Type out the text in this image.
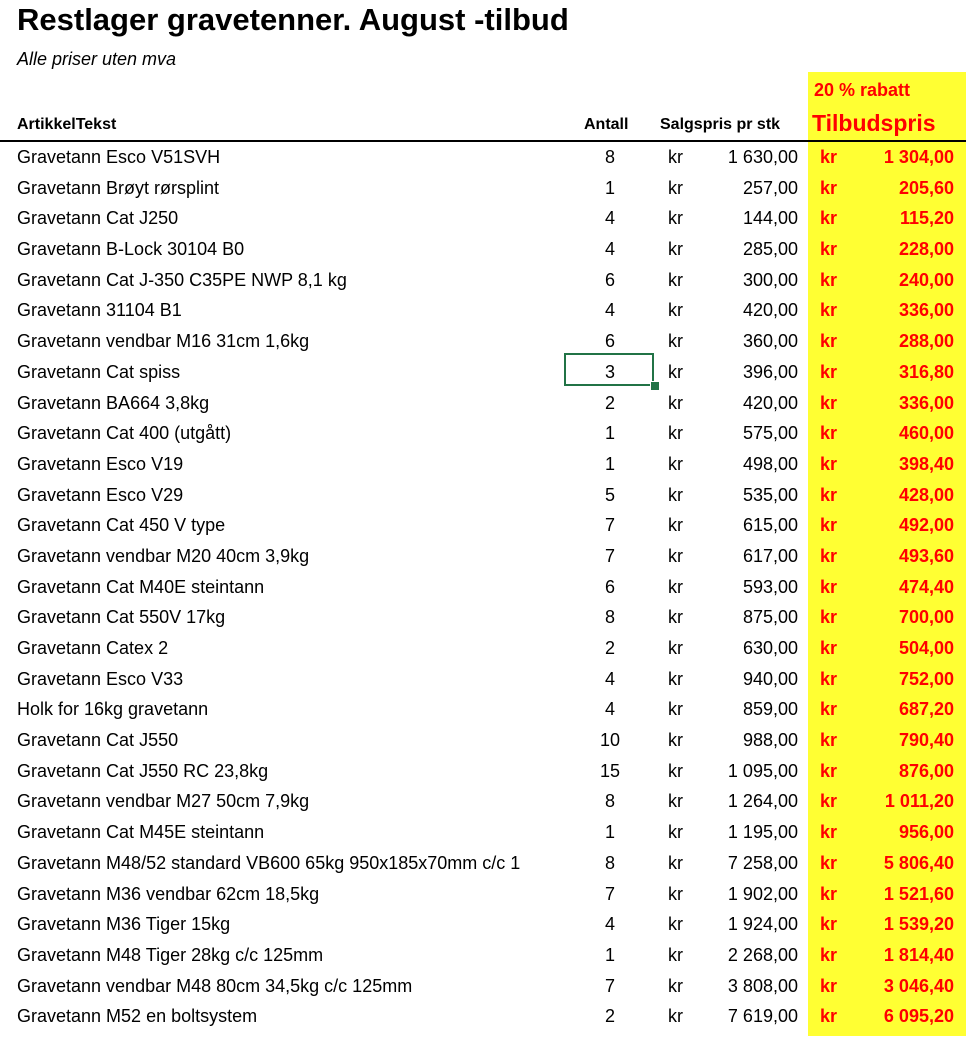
Restlager gravetenner. August -tilbud
Alle priser uten mva
20 % rabatt
ArtikkelTekst	Antall Salgspris pr stk Tilbudspris
Gravetann Esco V51SVH	8	kr 1 630,00 kr	1 304,00
Gravetann Brøyt rørsplint	1	kr	257,00 kr	205,60
Gravetann Cat J250	4	kr	144,00 kr	115,20
Gravetann B-Lock 30104 B0	4	kr	285,00 kr	228,00
Gravetann Cat J-350 C35PE NWP 8,1 kg	6	kr	300,00 kr	240,00
Gravetann 31104 B1	4	kr	420,00 kr	336,00
Gravetann vendbar M16 31cm 1,6kg	6	kr	360,00 kr	288,00
Gravetann Cat spiss	3	kr	396,00 kr	316,80
Gravetann BA664 3,8kg	2	kr	420,00 kr	336,00
Gravetann Cat 400 (utgått)	1	kr	575,00 kr	460,00
Gravetann Esco V19	1	kr	498,00 kr	398,40
Gravetann Esco V29	5	kr	535,00 kr	428,00
Gravetann Cat 450 V type	7	kr	615,00 kr	492,00
Gravetann vendbar M20 40cm 3,9kg	7	kr	617,00 kr	493,60
Gravetann Cat M40E steintann	6	kr	593,00 kr	474,40
Gravetann Cat 550V 17kg	8	kr	875,00 kr	700,00
Gravetann Catex 2	2	kr	630,00 kr	504,00
Gravetann Esco V33	4	kr	940,00 kr	752,00
Holk for 16kg gravetann	4	kr	859,00 kr	687,20
Gravetann Cat J550	10	kr	988,00 kr	790,40
Gravetann Cat J550 RC 23,8kg	15	kr 1 095,00 kr	876,00
Gravetann vendbar M27 50cm 7,9kg	8	kr 1 264,00 kr	1 011,20
Gravetann Cat M45E steintann	1	kr 1 195,00 kr	956,00
Gravetann M48/52 standard VB600 65kg 950x185x70mm c/c 1	8	kr 7 258,00 kr	5 806,40
Gravetann M36 vendbar 62cm 18,5kg	7	kr 1 902,00 kr	1 521,60
Gravetann M36 Tiger 15kg	4	kr 1 924,00 kr	1 539,20
Gravetann M48 Tiger 28kg c/c 125mm	1	kr 2 268,00 kr	1 814,40
Gravetann vendbar M48 80cm 34,5kg c/c 125mm	7	kr 3 808,00 kr	3 046,40
Gravetann M52 en boltsystem	2	kr 7 619,00 kr	6 095,20
